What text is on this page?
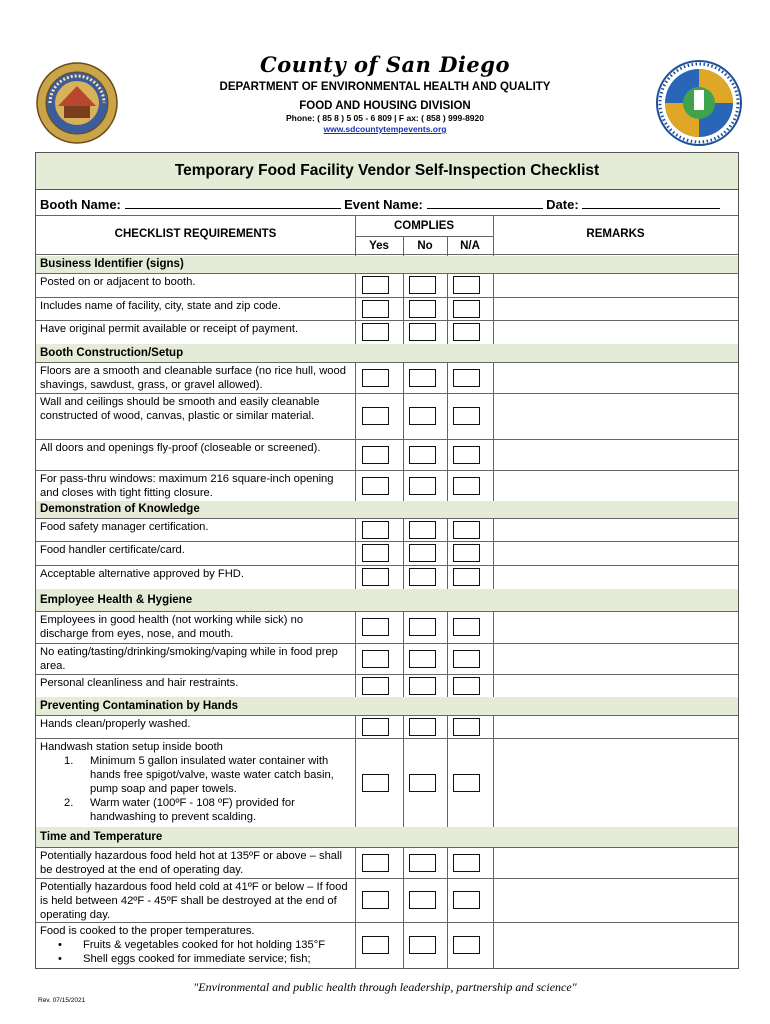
County of San Diego
DEPARTMENT OF ENVIRONMENTAL HEALTH AND QUALITY
FOOD AND HOUSING DIVISION
Phone: ( 85 8 ) 5 05 - 6 809 | F ax: ( 858 ) 999-8920
www.sdcountytempevents.org
Temporary Food Facility Vendor Self-Inspection Checklist
Booth Name:	Event Name:	Date:
CHECKLIST REQUIREMENTS
COMPLIES
Yes	No	N/A
REMARKS
Business Identifier (signs)
Posted on or adjacent to booth.
Includes name of facility, city, state and zip code.
Have original permit available or receipt of payment.
Booth Construction/Setup
Floors are a smooth and cleanable surface (no rice hull, wood shavings, sawdust, grass, or gravel allowed).
Wall and ceilings should be smooth and easily cleanable constructed of wood, canvas, plastic or similar material.
All doors and openings fly-proof (closeable or screened).
For pass-thru windows: maximum 216 square-inch opening and closes with tight fitting closure.
Demonstration of Knowledge
Food safety manager certification.
Food handler certificate/card.
Acceptable alternative approved by FHD.
Employee Health & Hygiene
Employees in good health (not working while sick) no discharge from eyes, nose, and mouth.
No eating/tasting/drinking/smoking/vaping while in food prep area.
Personal cleanliness and hair restraints.
Preventing Contamination by Hands
Hands clean/properly washed.
Handwash station setup inside booth
1.	Minimum 5 gallon insulated water container with hands free spigot/valve, waste water catch basin, pump soap and paper towels.
2.	Warm water (100ºF - 108 ºF) provided for handwashing to prevent scalding.
Time and Temperature
Potentially hazardous food held hot at 135ºF or above – shall be destroyed at the end of operating day.
Potentially hazardous food held cold at 41ºF or below – If food is held between 42ºF - 45ºF shall be destroyed at the end of operating day.
Food is cooked to the proper temperatures.
•	Fruits & vegetables cooked for hot holding 135°F
•	Shell eggs cooked for immediate service; fish;
"Environmental and public health through leadership, partnership and science"
Rev. 07/15/2021
